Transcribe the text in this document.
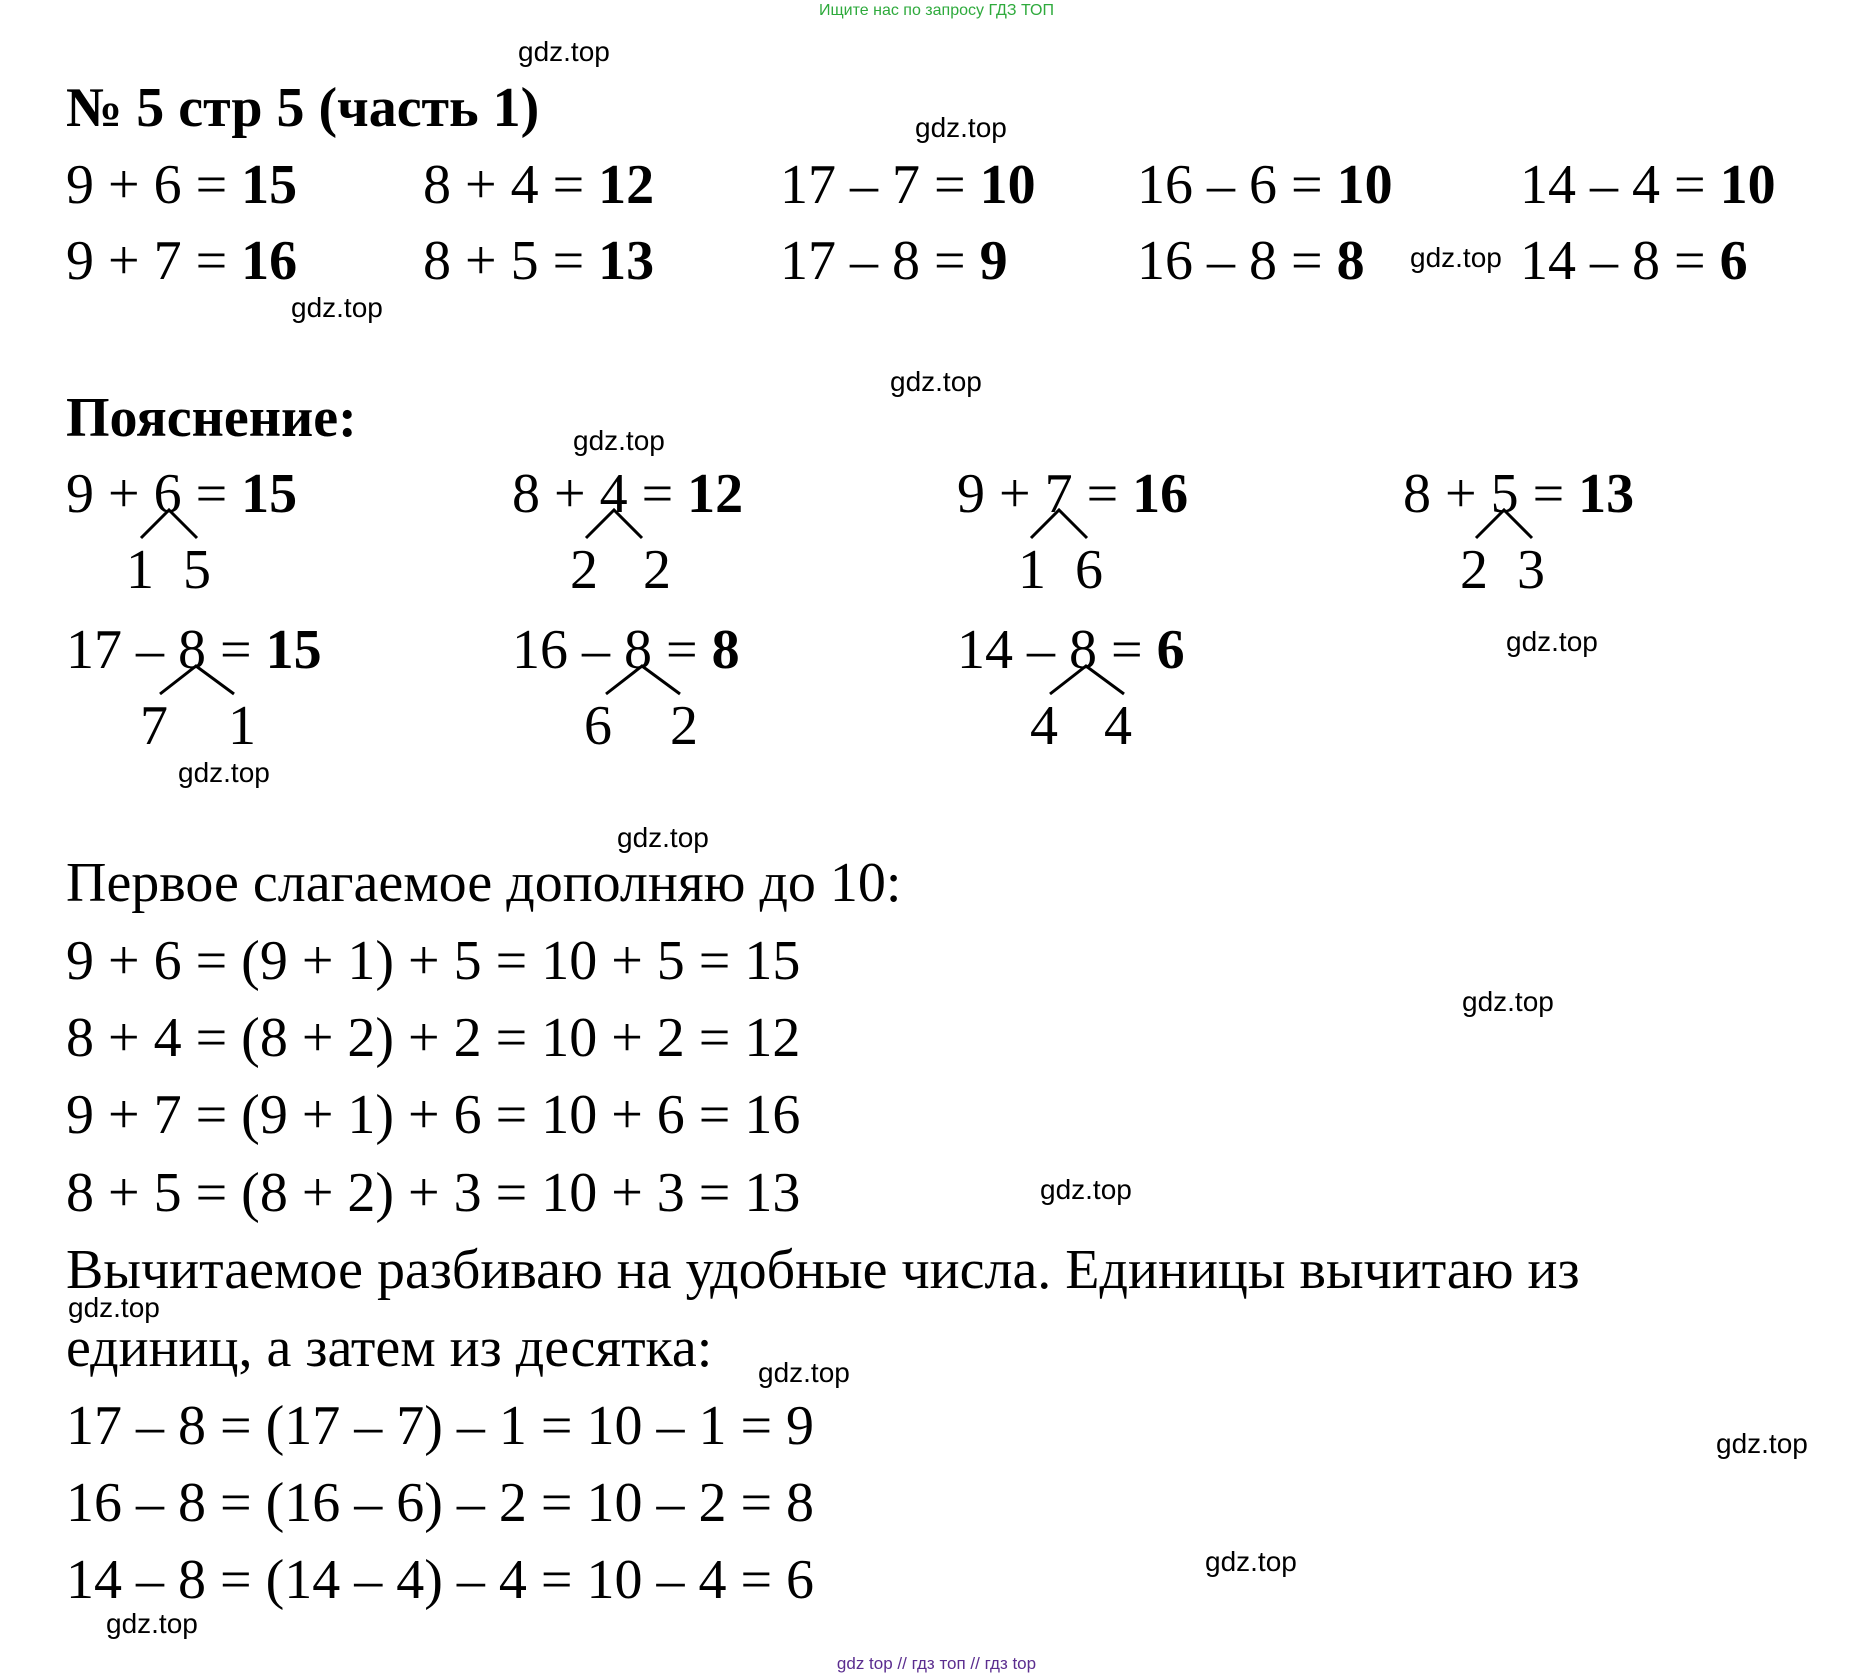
Ищите нас по запросу ГДЗ ТОП
gdz.top
gdz.top
gdz.top
gdz.top
gdz.top
gdz.top
gdz.top
gdz.top
gdz.top
gdz.top
gdz.top
gdz.top
gdz.top
gdz.top
gdz.top
gdz.top
№ 5 стр 5 (часть 1)
9 + 6 = 15 8 + 4 = 12 17 – 7 = 10 16 – 6 = 10 14 – 4 = 10
9 + 7 = 16 8 + 5 = 13 17 – 8 = 9 16 – 8 = 8	14 – 8 = 6
Пояснение:
9 + 6 = 15
1 5
8 + 4 = 12
2 2
9 + 7 = 16
1 6
8 + 5 = 13
2 3
17 – 8 = 15
7 1
16 – 8 = 8
6 2
14 – 8 = 6
4 4
Первое слагаемое дополняю до 10:
9 + 6 = (9 + 1) + 5 = 10 + 5 = 15
8 + 4 = (8 + 2) + 2 = 10 + 2 = 12
9 + 7 = (9 + 1) + 6 = 10 + 6 = 16
8 + 5 = (8 + 2) + 3 = 10 + 3 = 13
Вычитаемое разбиваю на удобные числа. Единицы вычитаю из
единиц, а затем из десятка:
17 – 8 = (17 – 7) – 1 = 10 – 1 = 9
16 – 8 = (16 – 6) – 2 = 10 – 2 = 8
14 – 8 = (14 – 4) – 4 = 10 – 4 = 6
gdz top // гдз топ // гдз top
